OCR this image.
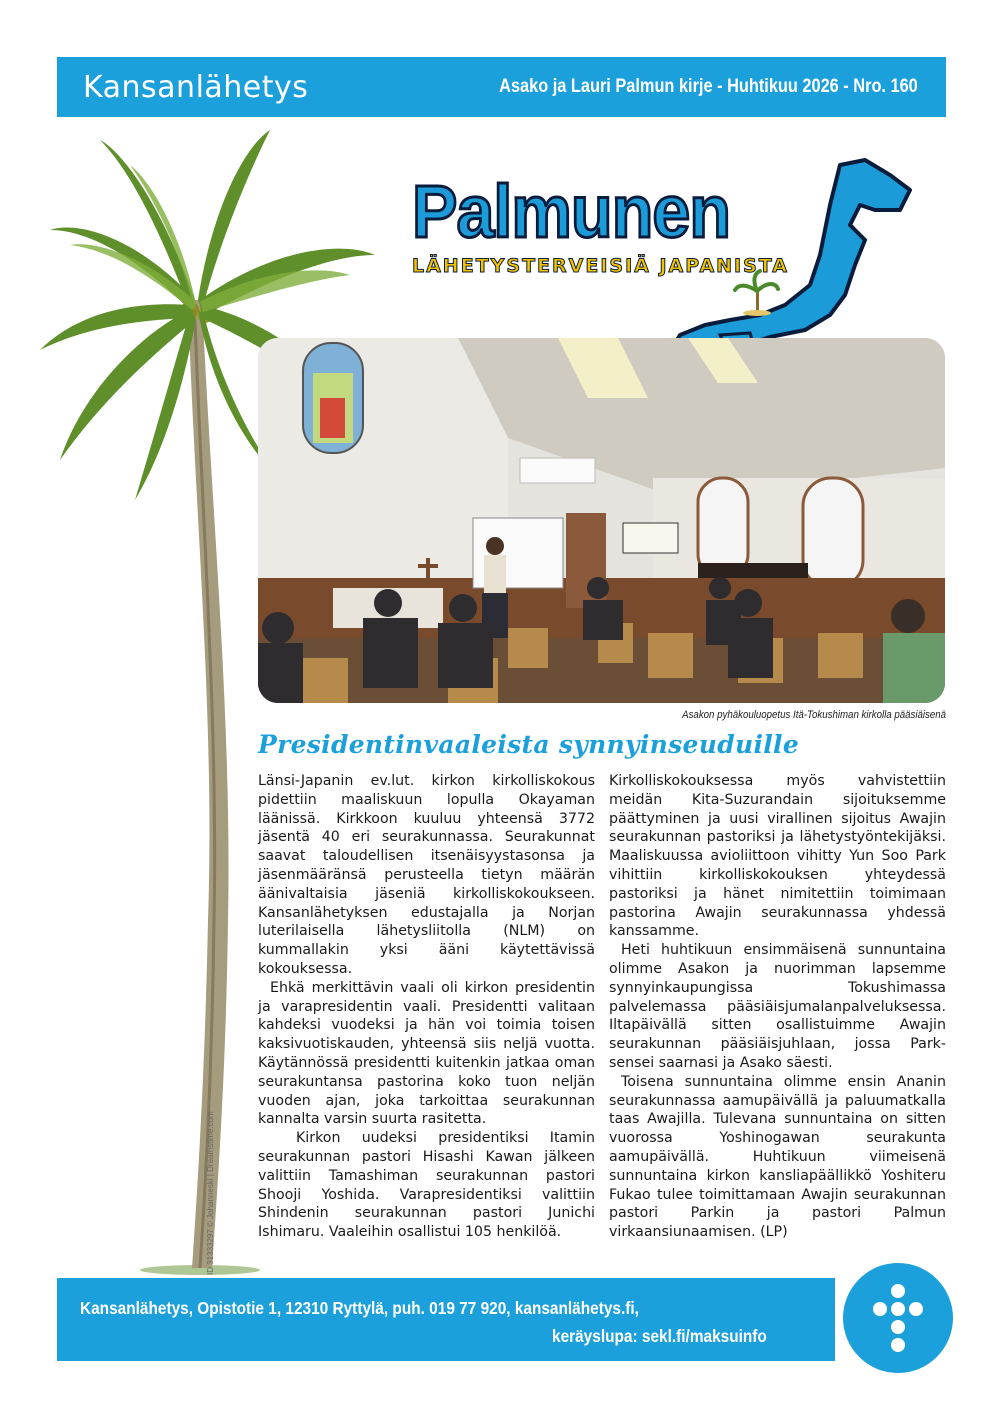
Kansanlähetys	Asako ja Lauri Palmun kirje - Huhtikuu 2026 - Nro. 160
ID 31333297 © Johanneski | Dreamstime.com
Palmunen
LÄHETYSTERVEISIÄ JAPANISTA
Asakon pyhäkouluopetus Itä-Tokushiman kirkolla pääsiäisenä
Presidentinvaaleista synnyinseuduille

Länsi-Japanin ev.lut. kirkon kirkolliskokous pidettiin maaliskuun lopulla Okayaman läänissä. Kirkkoon kuuluu yhteensä 3772 jäsentä 40 eri seurakunnassa. Seurakunnat saavat taloudellisen itsenäisyystasonsa ja jäsenmääränsä perusteella tietyn määrän äänivaltaisia jäseniä kirkolliskokoukseen. Kansanlähetyksen edustajalla ja Norjan luterilaisella lähetysliitolla (NLM) on kummallakin yksi ääni käytettävissä kokouksessa.

Ehkä merkittävin vaali oli kirkon presidentin ja varapresidentin vaali. Presidentti valitaan kahdeksi vuodeksi ja hän voi toimia toisen kaksivuotiskauden, yhteensä siis neljä vuotta. Käytännössä presidentti kuitenkin jatkaa oman seurakuntansa pastorina koko tuon neljän vuoden ajan, joka tarkoittaa seurakunnan kannalta varsin suurta rasitetta.

Kirkon uudeksi presidentiksi Itamin seurakunnan pastori Hisashi Kawan jälkeen valittiin Tamashiman seurakunnan pastori Shooji Yoshida. Varapresidentiksi valittiin Shindenin seurakunnan pastori Junichi Ishimaru. Vaaleihin osallistui 105 henkilöä.

Kirkolliskokouksessa myös vahvistettiin meidän Kita-Suzurandain sijoituksemme päättyminen ja uusi virallinen sijoitus Awajin seurakunnan pastoriksi ja lähetystyöntekijäksi. Maaliskuussa avioliittoon vihitty Yun Soo Park vihittiin kirkolliskokouksen yhteydessä pastoriksi ja hänet nimitettiin toimimaan pastorina Awajin seurakunnassa yhdessä kanssamme.

Heti huhtikuun ensimmäisenä sunnuntaina olimme Asakon ja nuorimman lapsemme synnyinkaupungissa Tokushimassa palvelemassa pääsiäisjumalanpalveluksessa. Iltapäivällä sitten osallistuimme Awajin seurakunnan pääsiäisjuhlaan, jossa Park-sensei saarnasi ja Asako säesti.

Toisena sunnuntaina olimme ensin Ananin seurakunnassa aamupäivällä ja paluumatkalla taas Awajilla. Tulevana sunnuntaina on sitten vuorossa Yoshinogawan seurakunta aamupäivällä. Huhtikuun viimeisenä sunnuntaina kirkon kansliapäällikkö Yoshiteru Fukao tulee toimittamaan Awajin seurakunnan pastori Parkin ja pastori Palmun virkaansiunaamisen. (LP)

Kansanlähetys, Opistotie 1, 12310 Ryttylä, puh. 019 77 920, kansanlähetys.fi,
keräyslupa: sekl.fi/maksuinfo
